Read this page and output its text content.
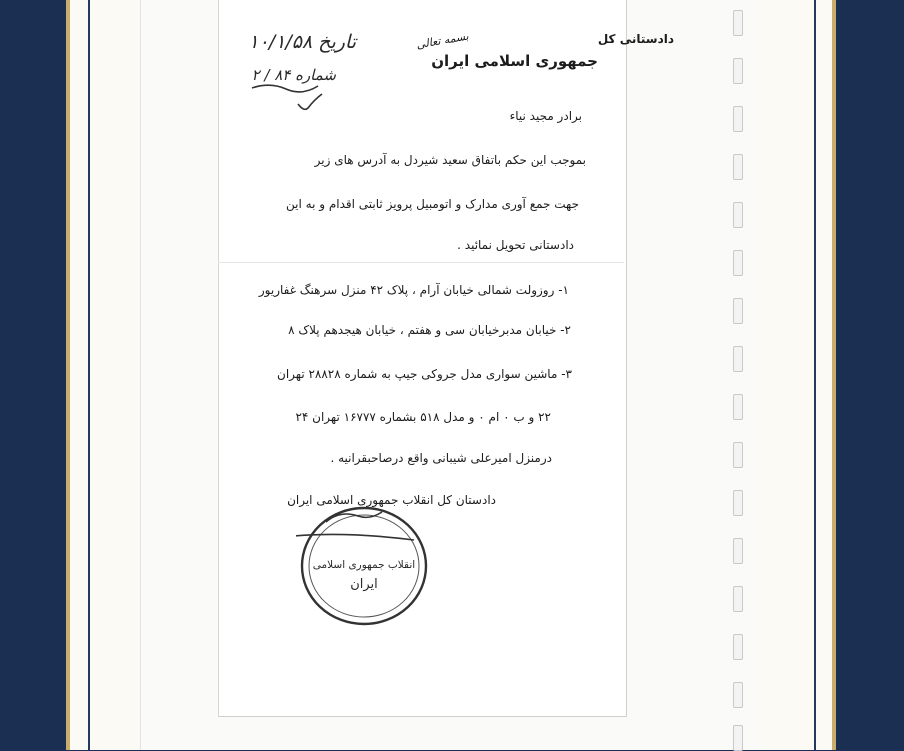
دادستانی کل
جمهوری اسلامی ایران
بسمه تعالی
تاریخ ۱۰/۱/۵۸
شماره ۸۴ / ۲
برادر مجید نیاء
بموجب این حکم باتفاق سعید شیردل به آدرس های زیر
جهت جمع آوری مدارک و اتومبیل پرویز ثابتی اقدام و به این
دادستانی تحویل نمائید .
۱- روزولت شمالی خیابان آرام ، پلاک ۴۲ منزل سرهنگ غفاریور
۲- خیابان مدبرخیابان سی و هفتم ، خیابان هیجدهم پلاک ۸
۳- ماشین سواری مدل جروکی جیپ به شماره ۲۸۸۲۸ تهران
۲۲ و ب ۰ ام ۰ و مدل ۵۱۸ بشماره ۱۶۷۷۷ تهران ۲۴
درمنزل امیرعلی شیبانی واقع درصاحبقرانیه .
دادستان کل انقلاب جمهوری اسلامی ایران
انقلاب جمهوری اسلامی
ایران
